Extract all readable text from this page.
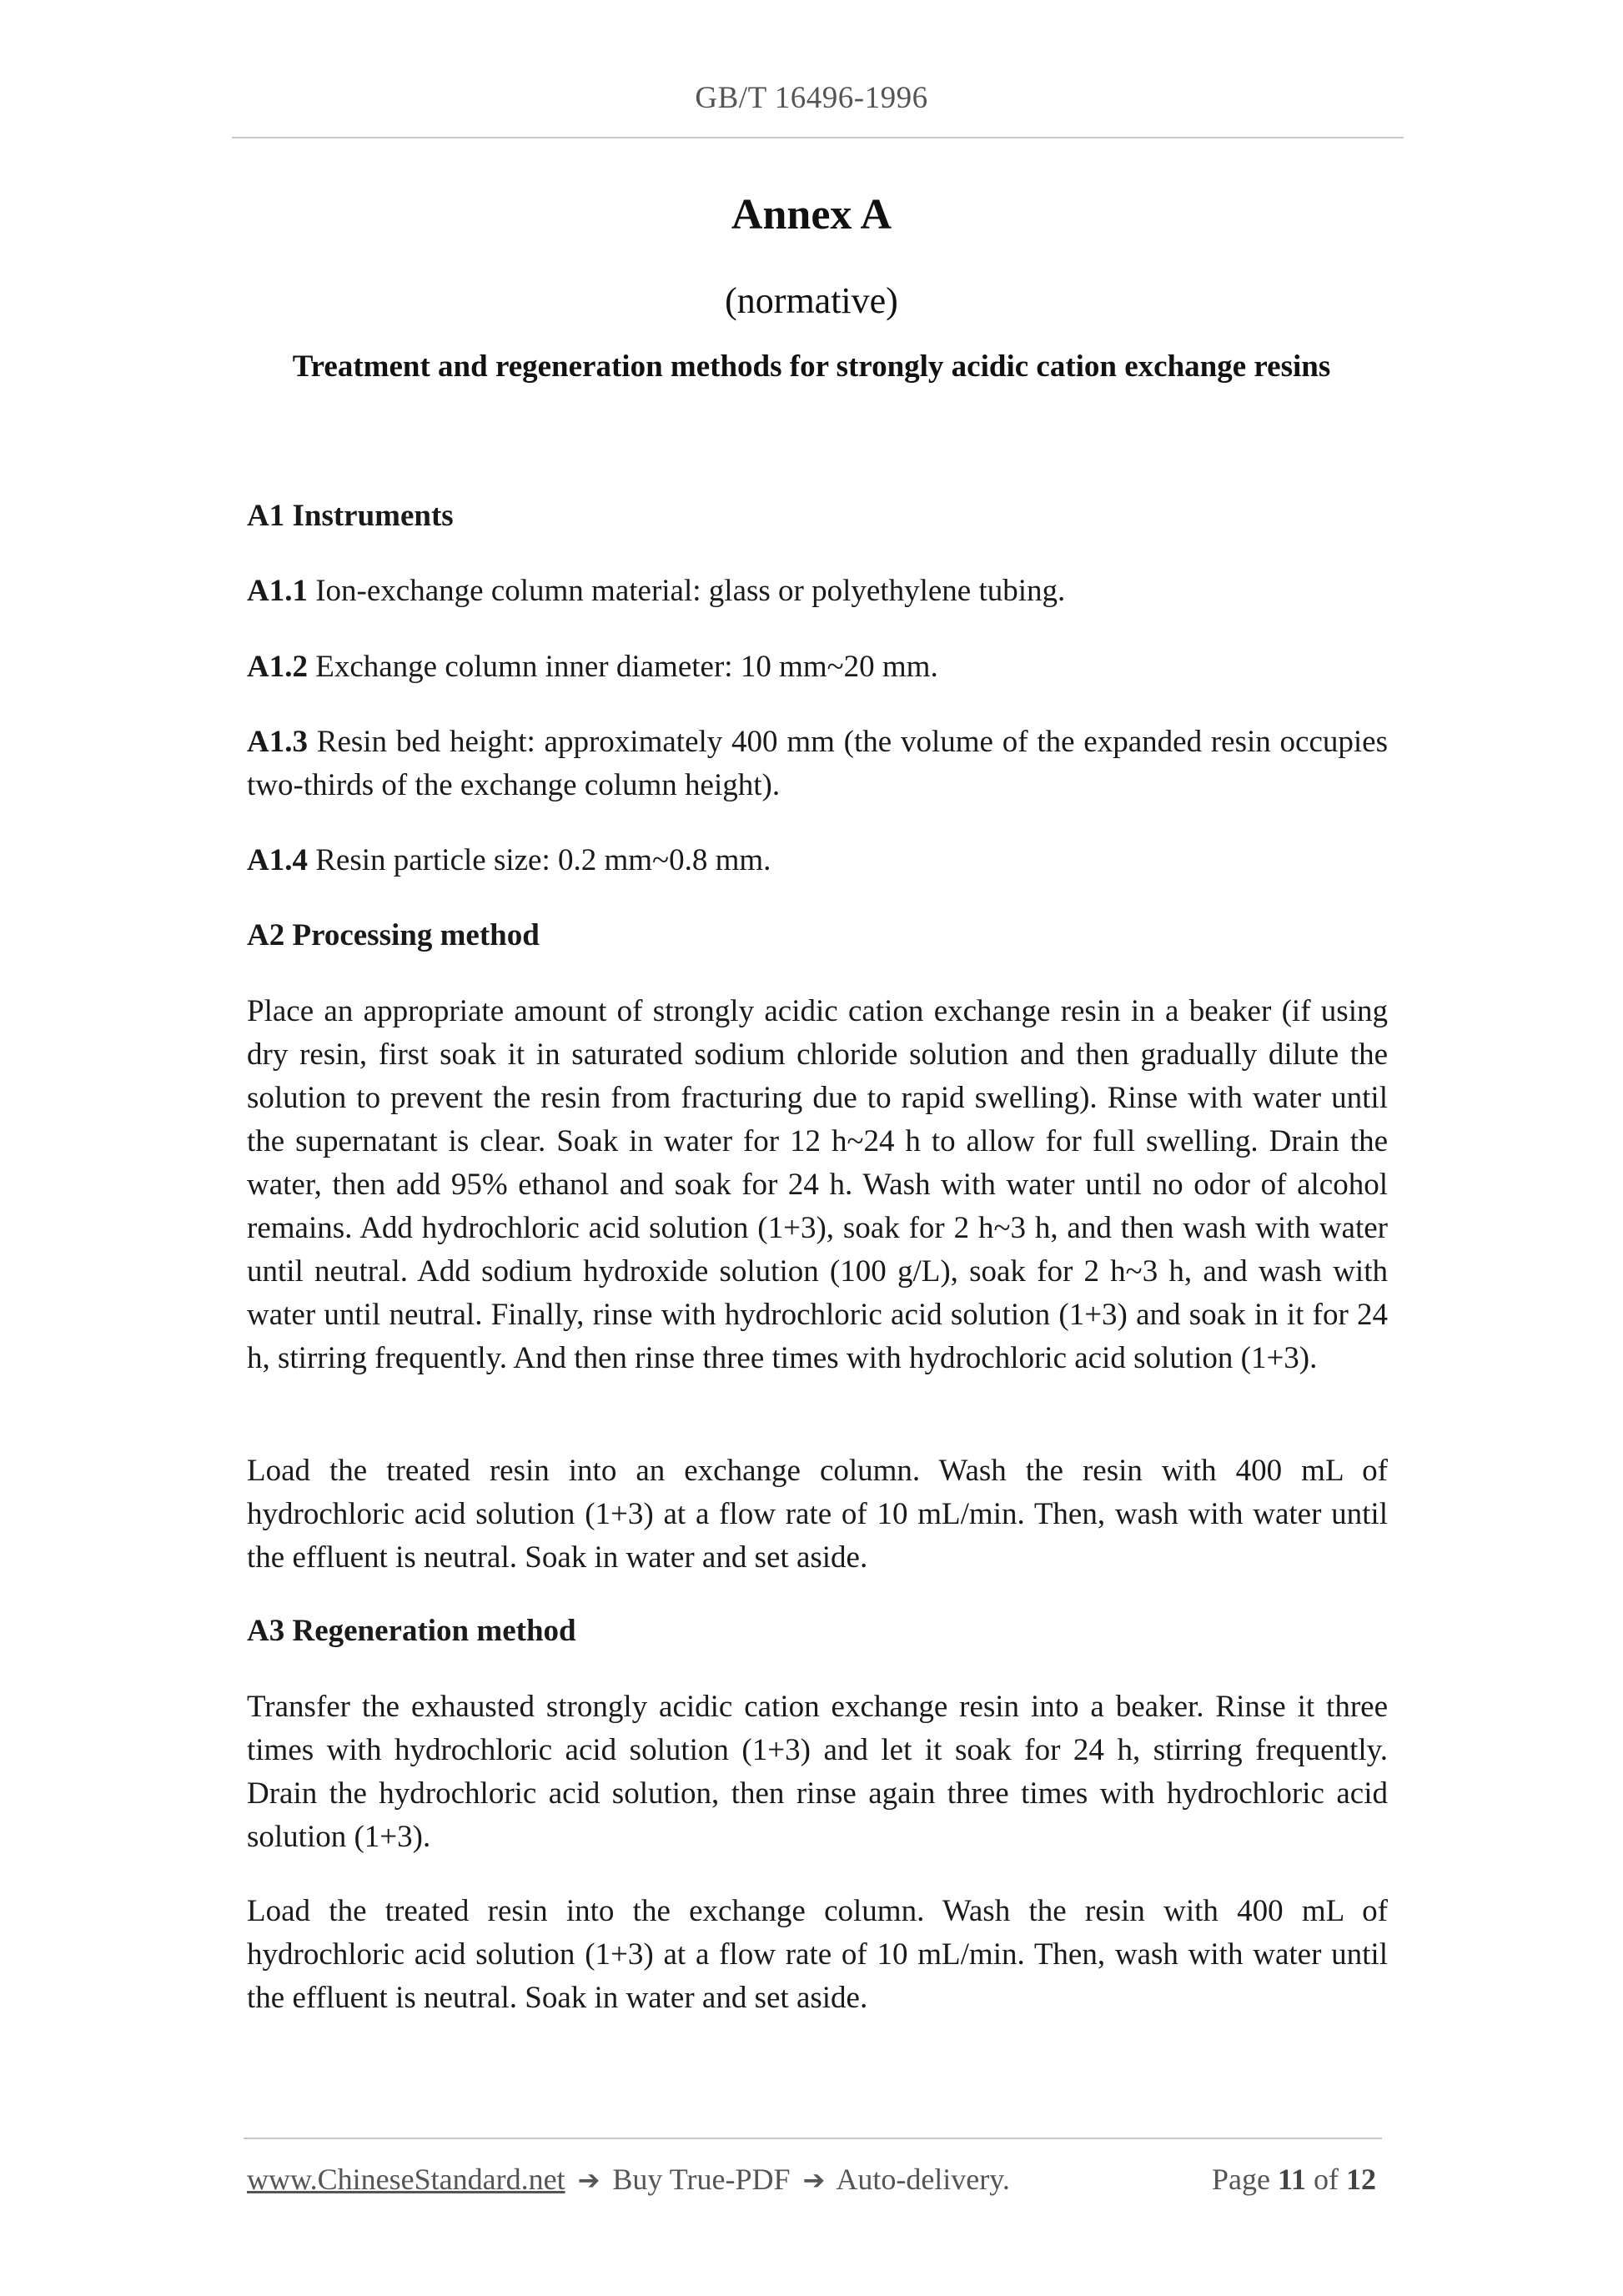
GB/T 16496-1996
Annex A
(normative)
Treatment and regeneration methods for strongly acidic cation exchange resins
A1 Instruments
A1.1 Ion-exchange column material: glass or polyethylene tubing.
A1.2 Exchange column inner diameter: 10 mm~20 mm.
A1.3 Resin bed height: approximately 400 mm (the volume of the expanded resin occupies two-thirds of the exchange column height).
A1.4 Resin particle size: 0.2 mm~0.8 mm.
A2 Processing method
Place an appropriate amount of strongly acidic cation exchange resin in a beaker (if using dry resin, first soak it in saturated sodium chloride solution and then gradually dilute the solution to prevent the resin from fracturing due to rapid swelling). Rinse with water until the supernatant is clear. Soak in water for 12 h~24 h to allow for full swelling. Drain the water, then add 95% ethanol and soak for 24 h. Wash with water until no odor of alcohol remains. Add hydrochloric acid solution (1+3), soak for 2 h~3 h, and then wash with water until neutral. Add sodium hydroxide solution (100 g/L), soak for 2 h~3 h, and wash with water until neutral. Finally, rinse with hydrochloric acid solution (1+3) and soak in it for 24 h, stirring frequently. And then rinse three times with hydrochloric acid solution (1+3).
Load the treated resin into an exchange column. Wash the resin with 400 mL of hydrochloric acid solution (1+3) at a flow rate of 10 mL/min. Then, wash with water until the effluent is neutral. Soak in water and set aside.
A3 Regeneration method
Transfer the exhausted strongly acidic cation exchange resin into a beaker. Rinse it three times with hydrochloric acid solution (1+3) and let it soak for 24 h, stirring frequently. Drain the hydrochloric acid solution, then rinse again three times with hydrochloric acid solution (1+3).
Load the treated resin into the exchange column. Wash the resin with 400 mL of hydrochloric acid solution (1+3) at a flow rate of 10 mL/min. Then, wash with water until the effluent is neutral. Soak in water and set aside.
www.ChineseStandard.net ➔ Buy True-PDF ➔ Auto-delivery.	Page 11 of 12
